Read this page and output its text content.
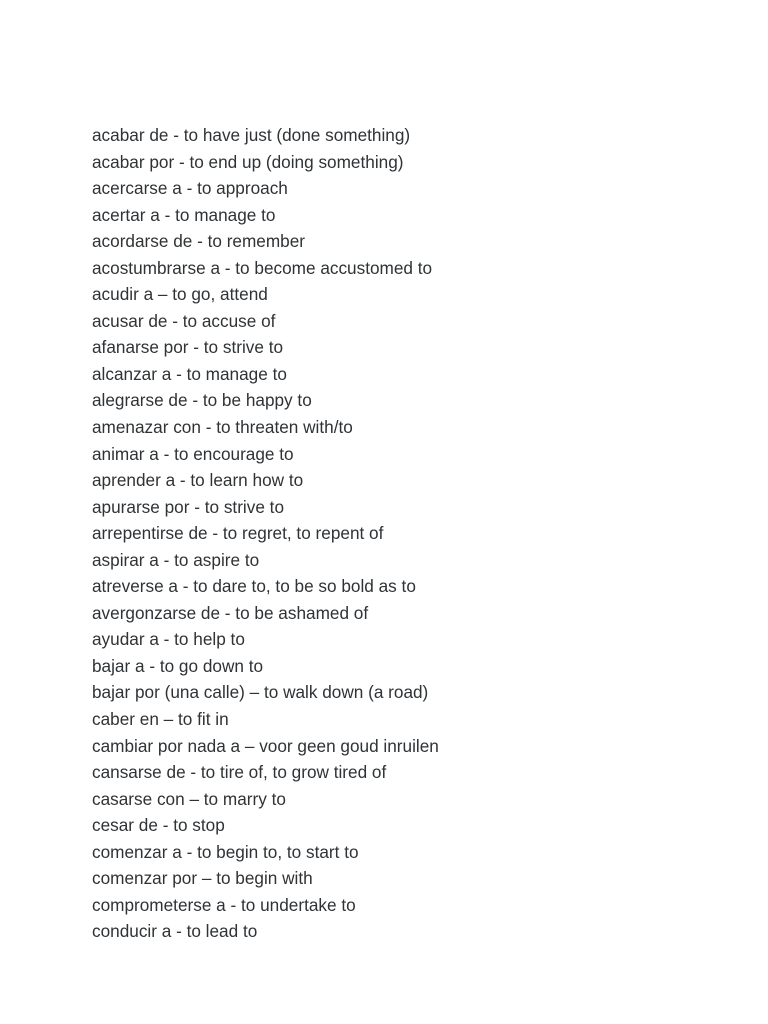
acabar de - to have just (done something)
acabar por - to end up (doing something)
acercarse a - to approach
acertar a - to manage to
acordarse de - to remember
acostumbrarse a - to become accustomed to
acudir a – to go, attend
acusar de - to accuse of
afanarse por - to strive to
alcanzar a - to manage to
alegrarse de - to be happy to
amenazar con - to threaten with/to
animar a - to encourage to
aprender a - to learn how to
apurarse por - to strive to
arrepentirse de - to regret, to repent of
aspirar a - to aspire to
atreverse a - to dare to, to be so bold as to
avergonzarse de - to be ashamed of
ayudar a - to help to
bajar a - to go down to
bajar por (una calle) – to walk down (a road)
caber en – to fit in
cambiar por nada a – voor geen goud inruilen
cansarse de - to tire of, to grow tired of
casarse con – to marry to
cesar de - to stop
comenzar a - to begin to, to start to
comenzar por – to begin with
comprometerse a - to undertake to
conducir a - to lead to
